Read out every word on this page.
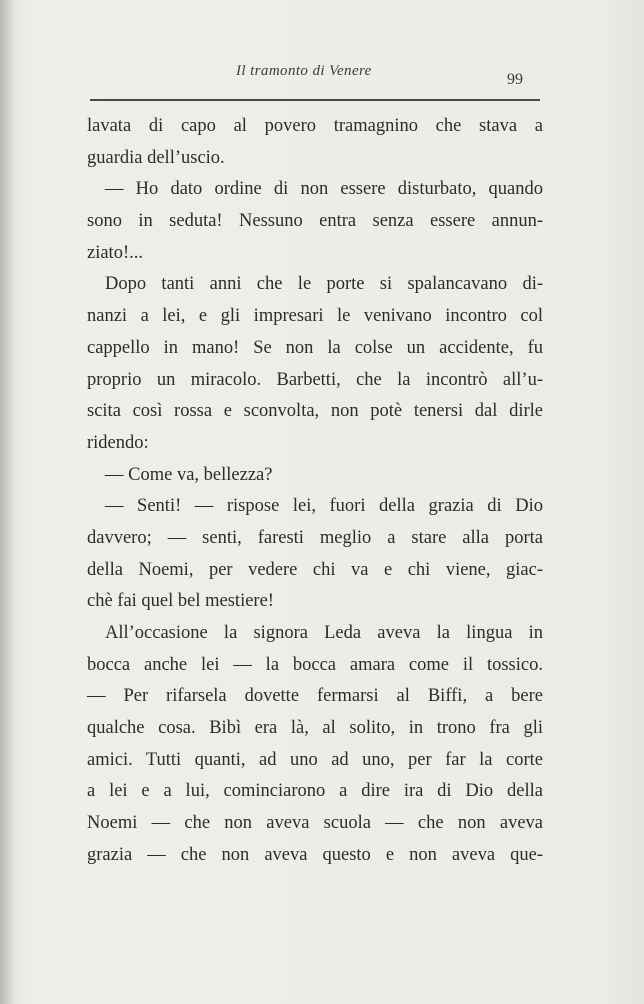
Il tramonto di Venere	99
lavata di capo al povero tramagnino che stava a
guardia dell’uscio.
— Ho dato ordine di non essere disturbato, quando
sono in seduta! Nessuno entra senza essere annun-
ziato!...
Dopo tanti anni che le porte si spalancavano di-
nanzi a lei, e gli impresari le venivano incontro col
cappello in mano! Se non la colse un accidente, fu
proprio un miracolo. Barbetti, che la incontrò all’u-
scita così rossa e sconvolta, non potè tenersi dal dirle
ridendo:
— Come va, bellezza?
— Senti! — rispose lei, fuori della grazia di Dio
davvero; — senti, faresti meglio a stare alla porta
della Noemi, per vedere chi va e chi viene, giac-
chè fai quel bel mestiere!
All’occasione la signora Leda aveva la lingua in
bocca anche lei — la bocca amara come il tossico.
— Per rifarsela dovette fermarsi al Biffi, a bere
qualche cosa. Bibì era là, al solito, in trono fra gli
amici. Tutti quanti, ad uno ad uno, per far la corte
a lei e a lui, cominciarono a dire ira di Dio della
Noemi — che non aveva scuola — che non aveva
grazia — che non aveva questo e non aveva que-
